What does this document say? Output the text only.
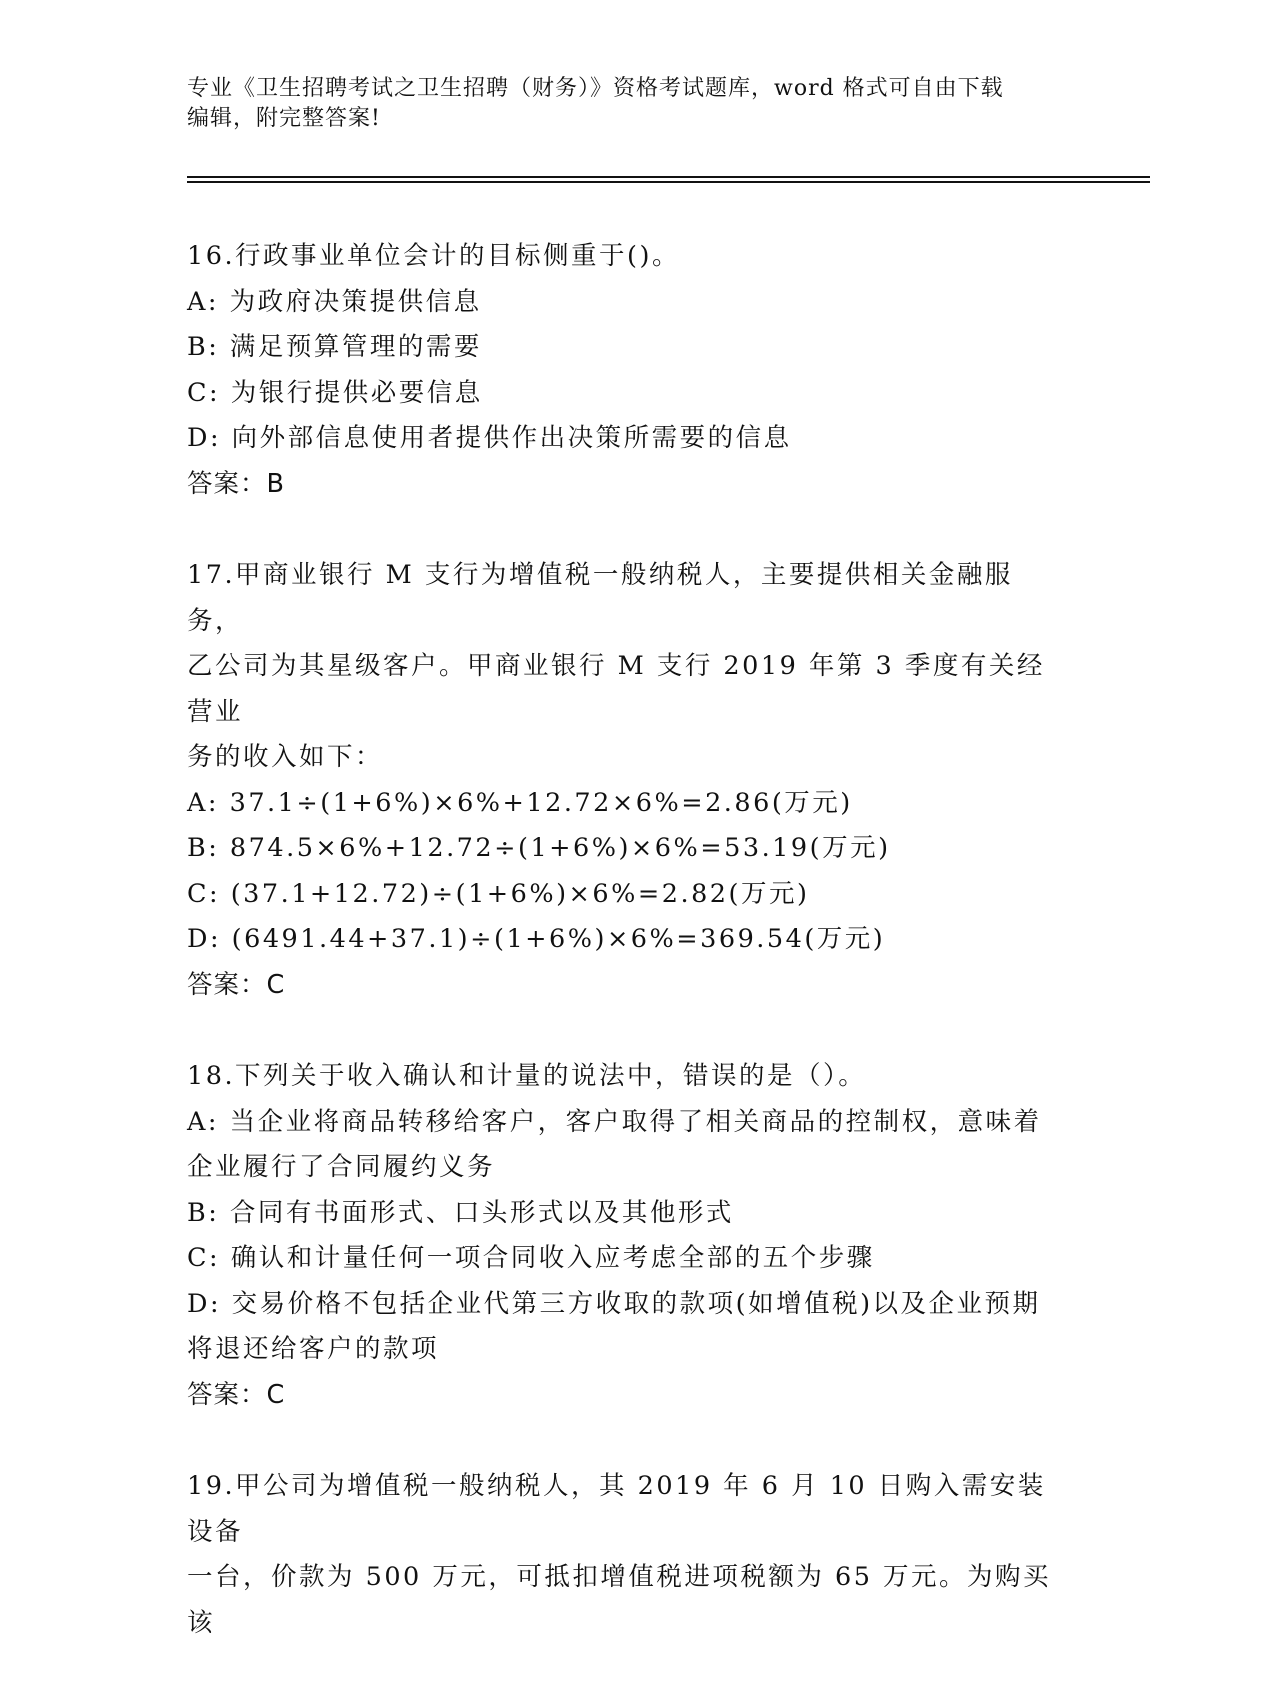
专业《卫生招聘考试之卫生招聘（财务）》资格考试题库，word 格式可自由下载
编辑，附完整答案!
16.行政事业单位会计的目标侧重于()。
A: 为政府决策提供信息
B: 满足预算管理的需要
C: 为银行提供必要信息
D: 向外部信息使用者提供作出决策所需要的信息
答案：B
17.甲商业银行 M 支行为增值税一般纳税人，主要提供相关金融服务，
乙公司为其星级客户。甲商业银行 M 支行 2019 年第 3 季度有关经营业
务的收入如下：
A: 37.1÷(1+6%)×6%+12.72×6%=2.86(万元)
B: 874.5×6%+12.72÷(1+6%)×6%=53.19(万元)
C: (37.1+12.72)÷(1+6%)×6%=2.82(万元)
D: (6491.44+37.1)÷(1+6%)×6%=369.54(万元)
答案：C
18.下列关于收入确认和计量的说法中，错误的是（）。
A: 当企业将商品转移给客户，客户取得了相关商品的控制权，意味着
企业履行了合同履约义务
B: 合同有书面形式、口头形式以及其他形式
C: 确认和计量任何一项合同收入应考虑全部的五个步骤
D: 交易价格不包括企业代第三方收取的款项(如增值税)以及企业预期
将退还给客户的款项
答案：C
19.甲公司为增值税一般纳税人，其 2019 年 6 月 10 日购入需安装设备
一台，价款为 500 万元，可抵扣增值税进项税额为 65 万元。为购买该
